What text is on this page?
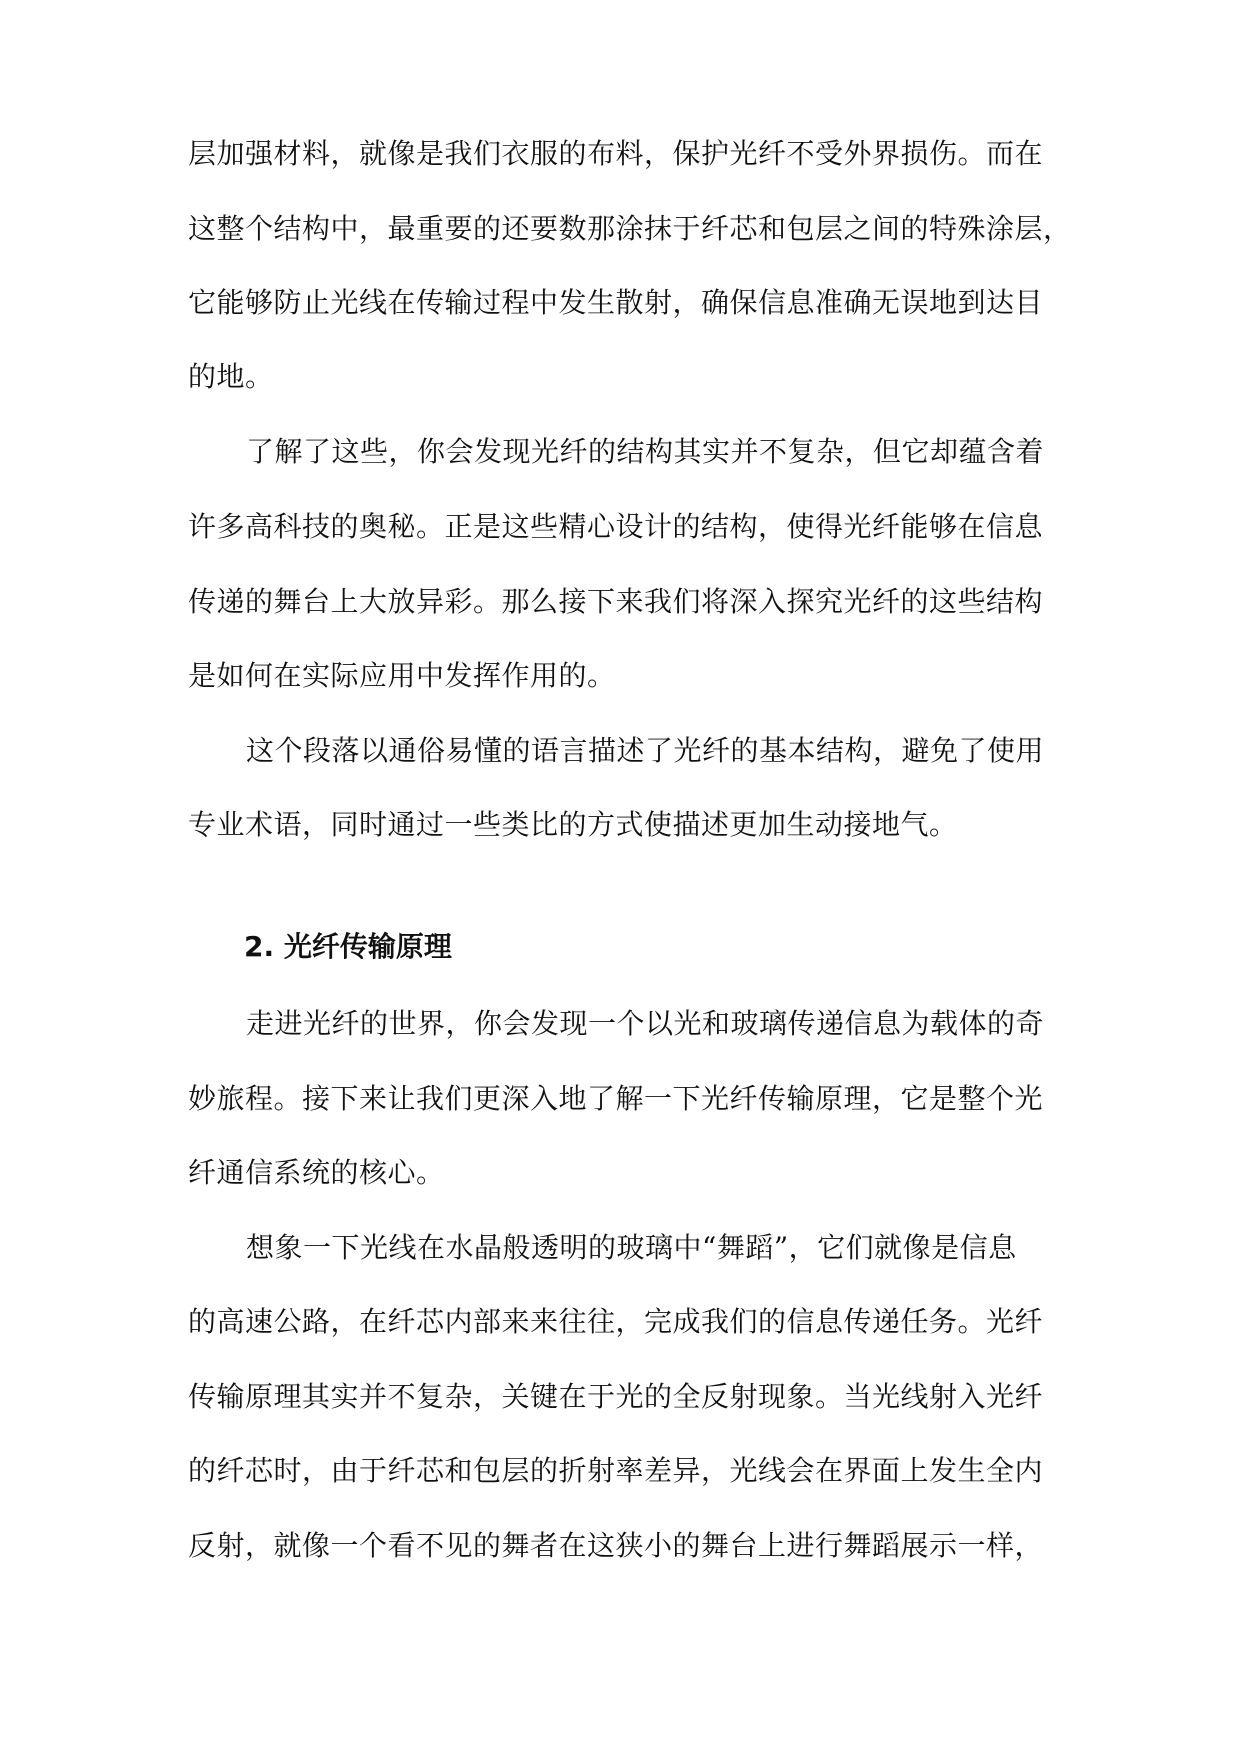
层加强材料，就像是我们衣服的布料，保护光纤不受外界损伤。而在
这整个结构中，最重要的还要数那涂抹于纤芯和包层之间的特殊涂层，
它能够防止光线在传输过程中发生散射，确保信息准确无误地到达目
的地。
了解了这些，你会发现光纤的结构其实并不复杂，但它却蕴含着
许多高科技的奥秘。正是这些精心设计的结构，使得光纤能够在信息
传递的舞台上大放异彩。那么接下来我们将深入探究光纤的这些结构
是如何在实际应用中发挥作用的。
这个段落以通俗易懂的语言描述了光纤的基本结构，避免了使用
专业术语，同时通过一些类比的方式使描述更加生动接地气。
2. 光纤传输原理
走进光纤的世界，你会发现一个以光和玻璃传递信息为载体的奇
妙旅程。接下来让我们更深入地了解一下光纤传输原理，它是整个光
纤通信系统的核心。
想象一下光线在水晶般透明的玻璃中“舞蹈”，它们就像是信息
的高速公路，在纤芯内部来来往往，完成我们的信息传递任务。光纤
传输原理其实并不复杂，关键在于光的全反射现象。当光线射入光纤
的纤芯时，由于纤芯和包层的折射率差异，光线会在界面上发生全内
反射，就像一个看不见的舞者在这狭小的舞台上进行舞蹈展示一样，
